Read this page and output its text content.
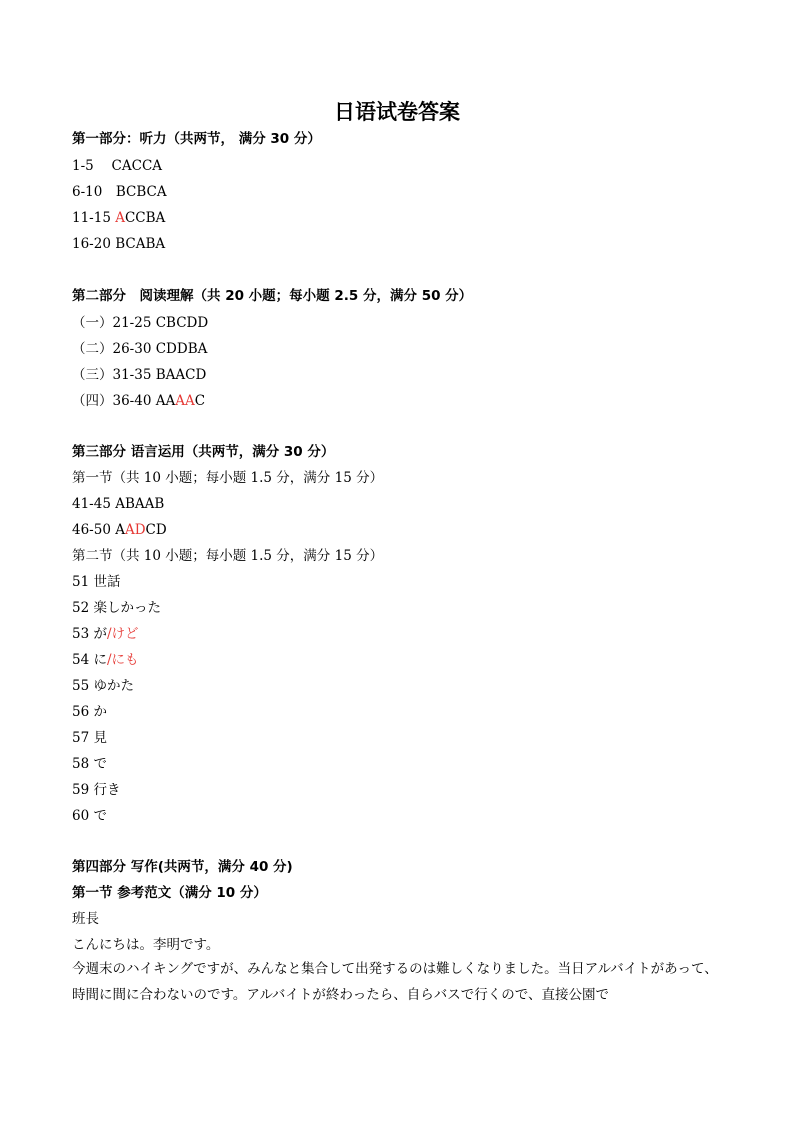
日语试卷答案
第一部分：听力（共两节， 满分 30 分）
1-5　 CACCA
6-10　 BCBCA
11-15 ACCBA
16-20 BCABA
第二部分　阅读理解（共 20 小题；每小题 2.5 分，满分 50 分）
（一）21-25 CBCDD
（二）26-30 CDDBA
（三）31-35 BAACD
（四）36-40 AAAAC
第三部分 语言运用（共两节，满分 30 分）
第一节（共 10 小题；每小题 1.5 分，满分 15 分）
41-45 ABAAB
46-50 AADCD
第二节（共 10 小题；每小题 1.5 分，满分 15 分）
51 世話
52 楽しかった
53 が/けど
54 に/にも
55 ゆかた
56 か
57 見
58 で
59 行き
60 で
第四部分 写作(共两节，满分 40 分)
第一节 参考范文（满分 10 分）
班長
こんにちは。李明です。
今週末のハイキングですが、みんなと集合して出発するのは難しくなりました。当日アルバイトがあって、時間に間に合わないのです。アルバイトが終わったら、自らバスで行くので、直接公園で
